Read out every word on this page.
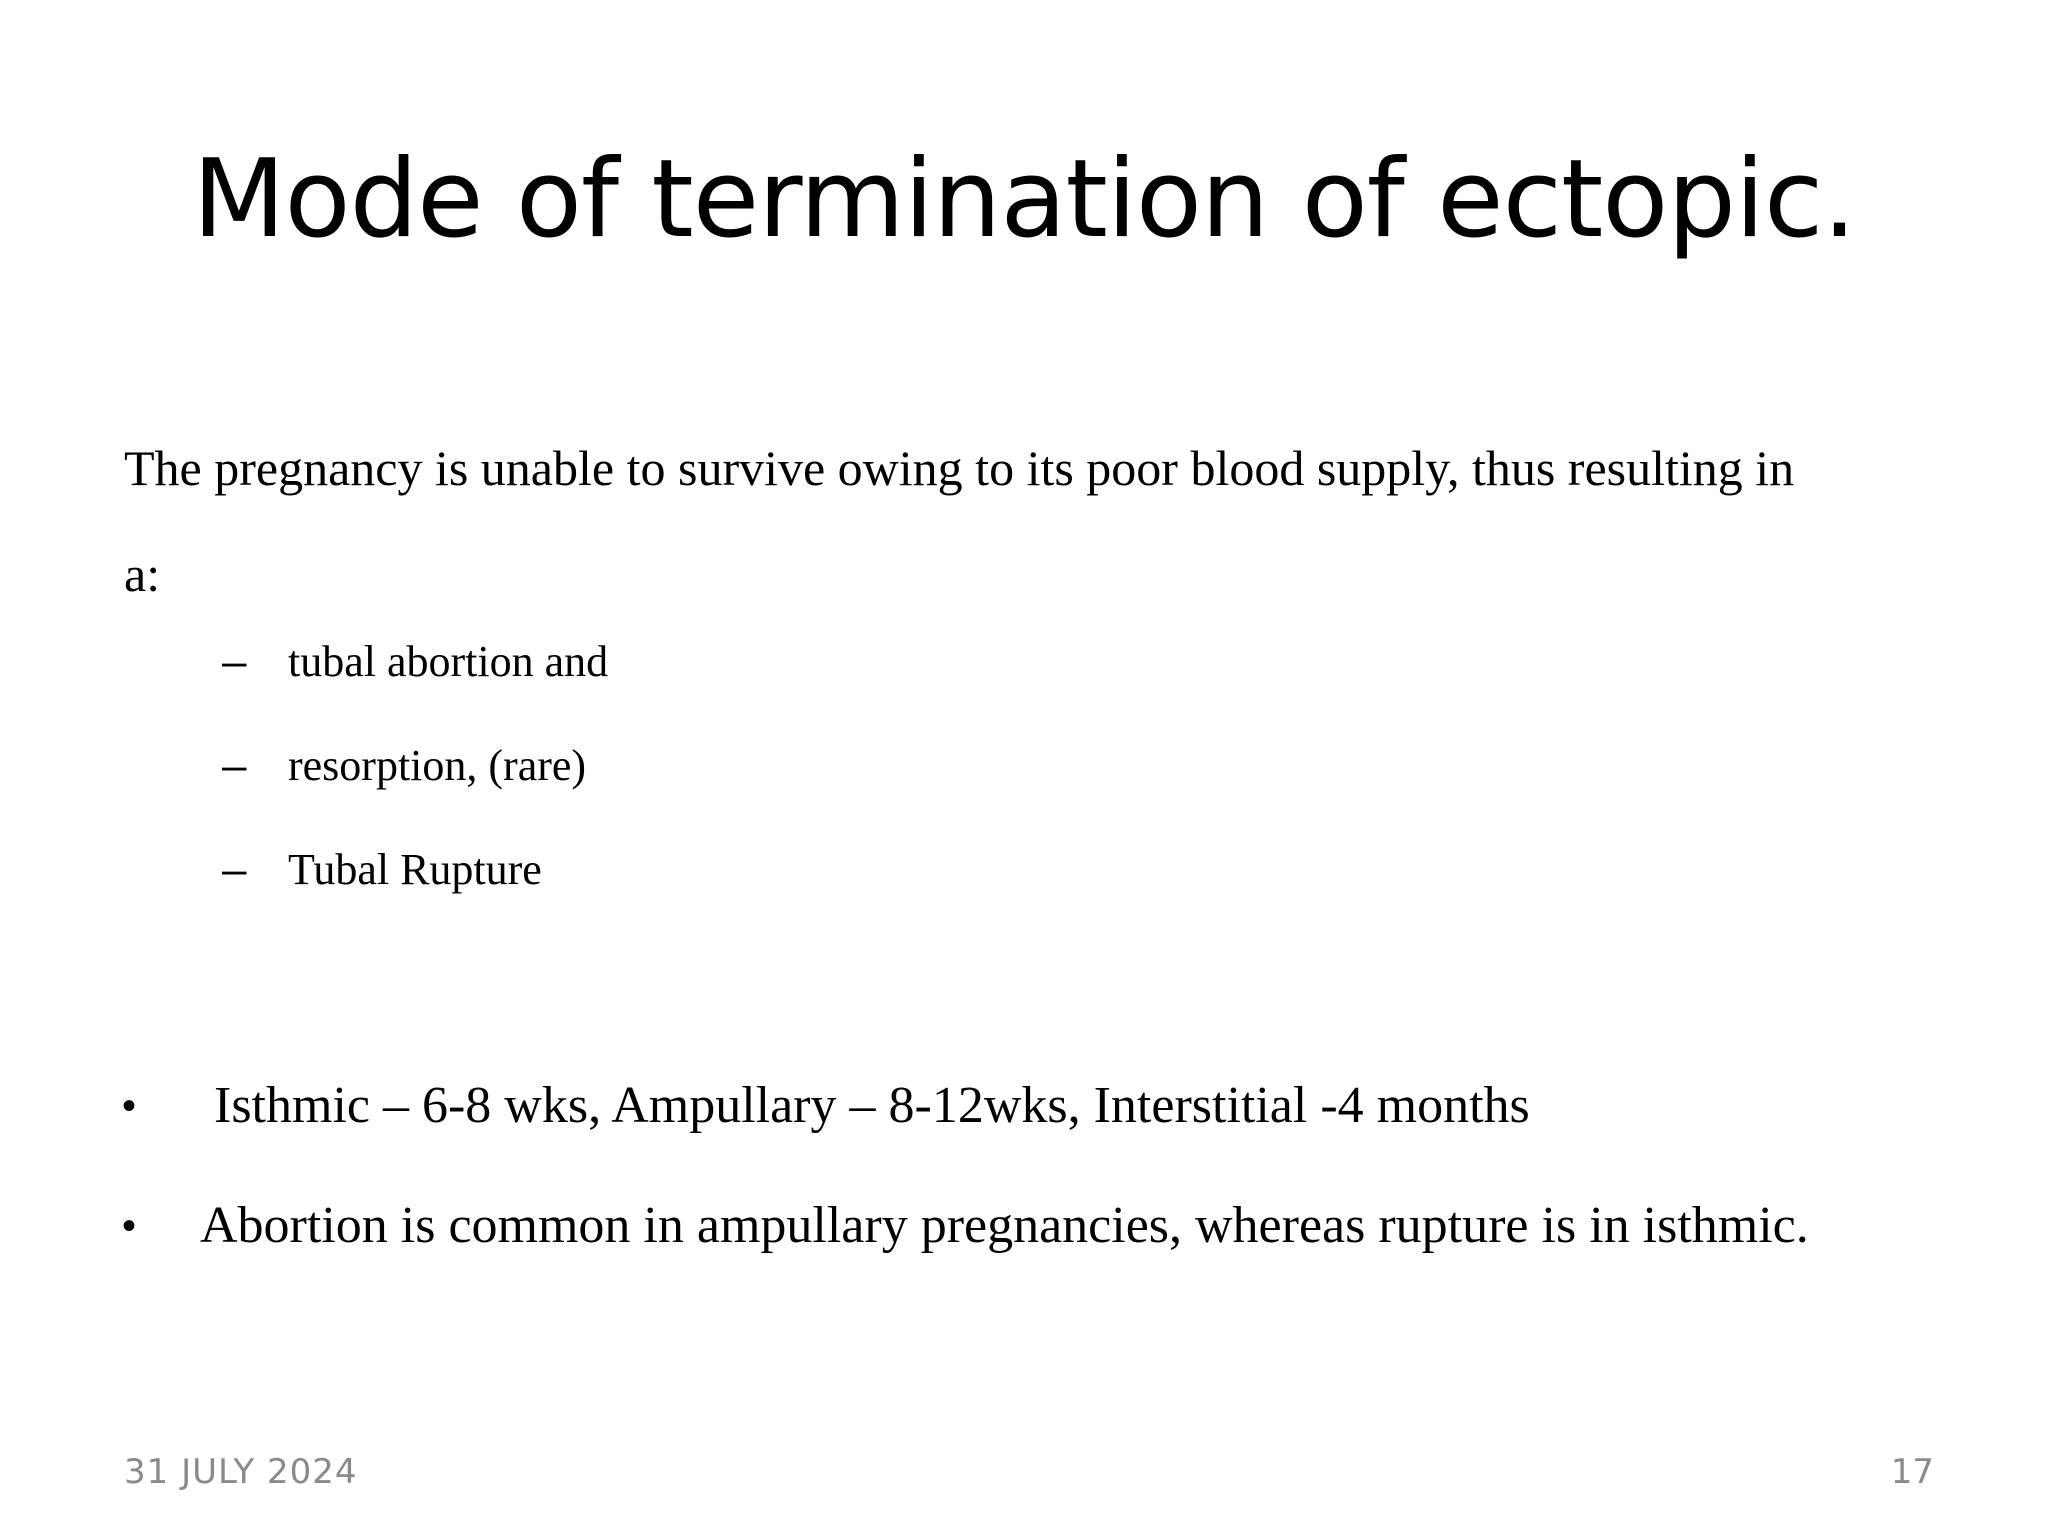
Mode of termination of ectopic.

The pregnancy is unable to survive owing to its poor blood supply, thus resulting in a:

– tubal abortion and
– resorption, (rare)
– Tubal Rupture
•	Isthmic – 6-8 wks, Ampullary – 8-12wks, Interstitial -4 months
•	Abortion is common in ampullary pregnancies, whereas rupture is in isthmic.
31 JULY 2024	17
